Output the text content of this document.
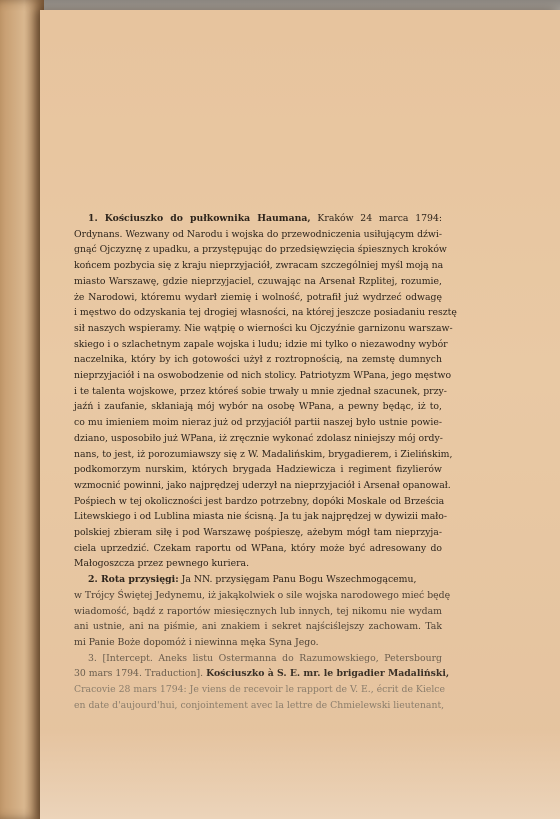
1. Kościuszko do pułkownika Haumana, Kraków 24 marca 1794:
Ordynans. Wezwany od Narodu i wojska do przewodniczenia usiłującym dźwi-
gnąć Ojczyznę z upadku, a przystępując do przedsięwzięcia śpiesznych kroków
końcem pozbycia się z kraju nieprzyjaciół, zwracam szczególniej myśl moją na
miasto Warszawę, gdzie nieprzyjaciel, czuwając na Arsenał Rzplitej, rozumie,
że Narodowi, któremu wydarł ziemię i wolność, potrafił już wydrzeć odwagę
i męstwo do odzyskania tej drogiej własności, na której jeszcze posiadaniu resztę
sił naszych wspieramy. Nie wątpię o wierności ku Ojczyźnie garnizonu warszaw-
skiego i o szlachetnym zapale wojska i ludu; idzie mi tylko o niezawodny wybór
naczelnika, który by ich gotowości użył z roztropnością, na zemstę dumnych
nieprzyjaciół i na oswobodzenie od nich stolicy. Patriotyzm WPana, jego męstwo
i te talenta wojskowe, przez któreś sobie trwały u mnie zjednał szacunek, przy-
jaźń i zaufanie, skłaniają mój wybór na osobę WPana, a pewny będąc, iż to,
co mu imieniem moim nieraz już od przyjaciół partii naszej było ustnie powie-
dziano, usposobiło już WPana, iż zręcznie wykonać zdolasz niniejszy mój ordy-
nans, to jest, iż porozumiawszy się z W. Madalińskim, brygadierem, i Zielińskim,
podkomorzym nurskim, których brygada Hadziewicza i regiment fizylierów
wzmocnić powinni, jako najprędzej uderzył na nieprzyjaciół i Arsenał opanował.
Pośpiech w tej okoliczności jest bardzo potrzebny, dopóki Moskale od Brześcia
Litewskiego i od Lublina miasta nie ścisną. Ja tu jak najprędzej w dywizii mało-
polskiej zbieram siłę i pod Warszawę pośpieszę, ażebym mógł tam nieprzyja-
ciela uprzedzić. Czekam raportu od WPana, który może być adresowany do
Małogoszcza przez pewnego kuriera.
2. Rota przysięgi: Ja NN. przysięgam Panu Bogu Wszechmogącemu,
w Trójcy Świętej Jedynemu, iż jakąkolwiek o sile wojska narodowego mieć będę
wiadomość, bądź z raportów miesięcznych lub innych, tej nikomu nie wydam
ani ustnie, ani na piśmie, ani znakiem i sekret najściślejszy zachowam. Tak
mi Panie Boże dopomóż i niewinna męka Syna Jego.
3. [Intercept. Aneks listu Ostermanna do Razumowskiego, Petersbourg
30 mars 1794. Traduction]. Kościuszko à S. E. mr. le brigadier Madaliński,
Cracovie 28 mars 1794: Je viens de recevoir le rapport de V. E., écrit de Kielce
en date d'aujourd'hui, conjointement avec la lettre de Chmielewski lieutenant,
